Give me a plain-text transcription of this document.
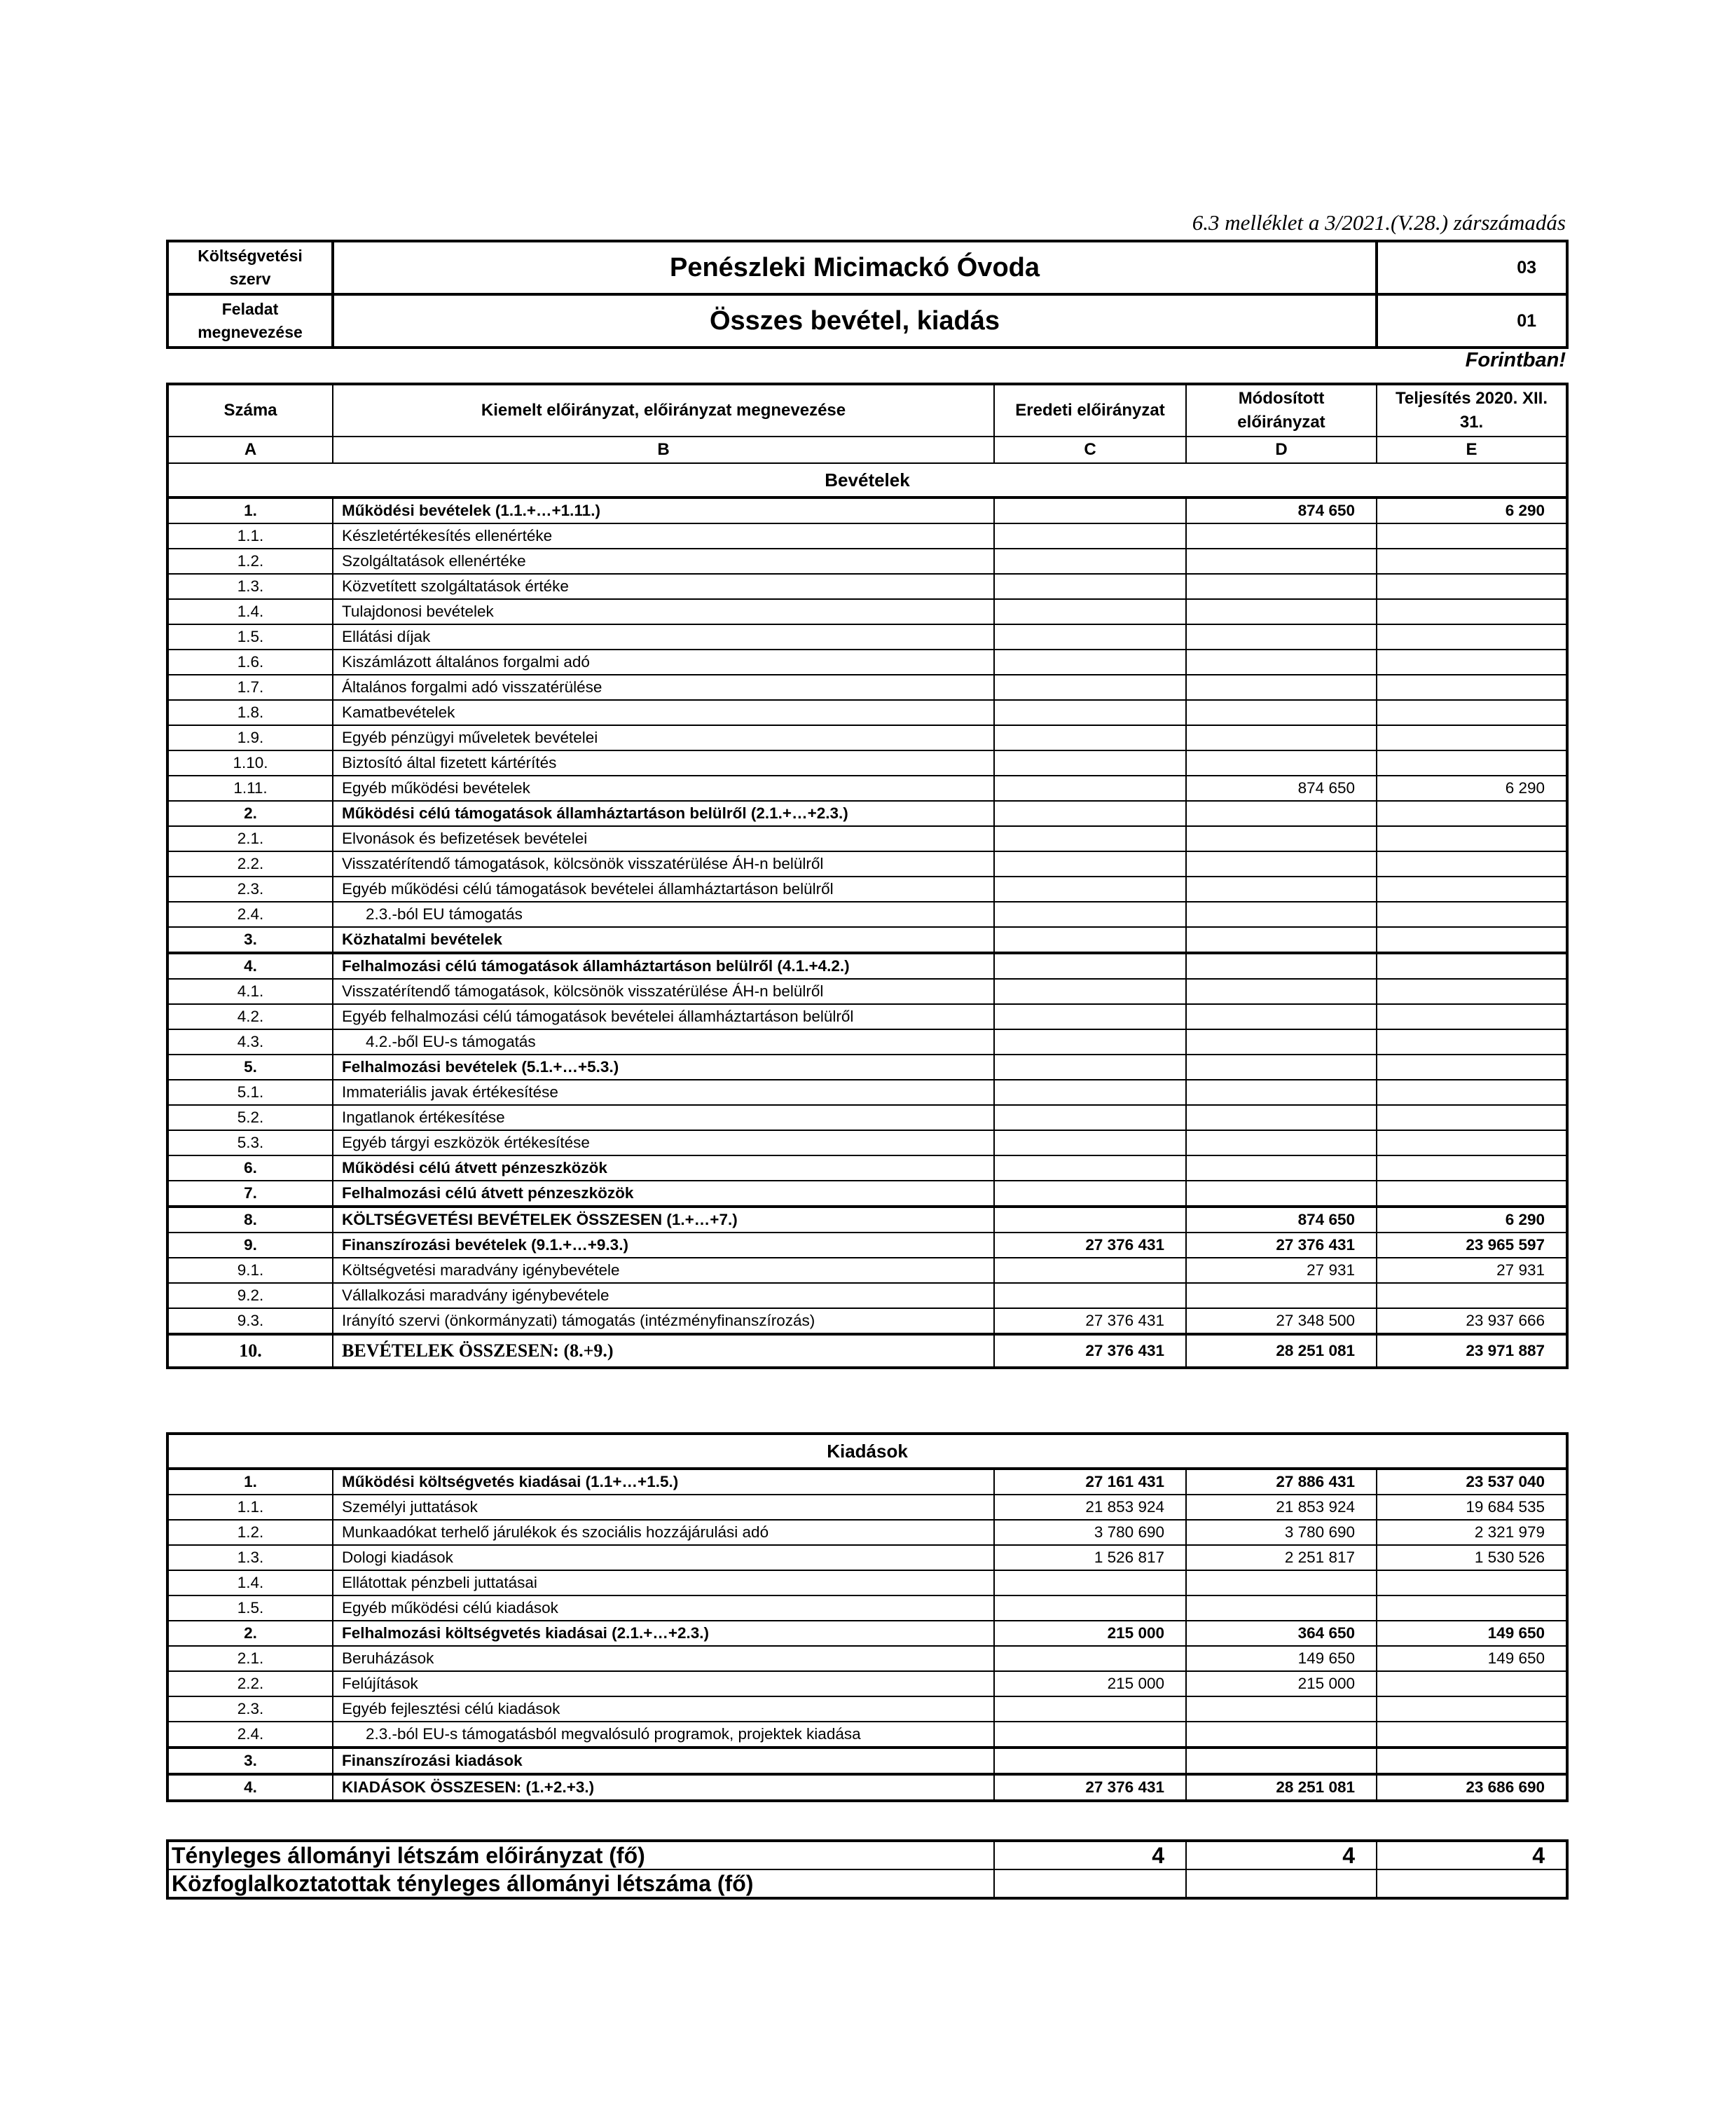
6.3 melléklet a 3/2021.(V.28.) zárszámadás
Költségvetési szerv	Penészleki Micimackó Óvoda	03
Feladat megnevezése	Összes bevétel, kiadás	01
Forintban!
Száma	Kiemelt előirányzat, előirányzat megnevezése	Eredeti előirányzat	Módosított előirányzat	Teljesítés 2020. XII. 31.
A	B	C	D	E
Bevételek				
1.	Működési bevételek (1.1.+…+1.11.)		874 650	6 290
1.1.	Készletértékesítés ellenértéke			
1.2.	Szolgáltatások ellenértéke			
1.3.	Közvetített szolgáltatások értéke			
1.4.	Tulajdonosi bevételek			
1.5.	Ellátási díjak			
1.6.	Kiszámlázott általános forgalmi adó			
1.7.	Általános forgalmi adó visszatérülése			
1.8.	Kamatbevételek			
1.9.	Egyéb pénzügyi műveletek bevételei			
1.10.	Biztosító által fizetett kártérítés			
1.11.	Egyéb működési bevételek		874 650	6 290
2.	Működési célú támogatások államháztartáson belülről (2.1.+…+2.3.)			
2.1.	Elvonások és befizetések bevételei			
2.2.	Visszatérítendő támogatások, kölcsönök visszatérülése ÁH-n belülről			
2.3.	Egyéb működési célú támogatások bevételei államháztartáson belülről			
2.4.	2.3.-ból EU támogatás			
3.	Közhatalmi bevételek			
4.	Felhalmozási célú támogatások államháztartáson belülről (4.1.+4.2.)			
4.1.	Visszatérítendő támogatások, kölcsönök visszatérülése ÁH-n belülről			
4.2.	Egyéb felhalmozási célú támogatások bevételei államháztartáson belülről			
4.3.	4.2.-ből EU-s támogatás			
5.	Felhalmozási bevételek (5.1.+…+5.3.)			
5.1.	Immateriális javak értékesítése			
5.2.	Ingatlanok értékesítése			
5.3.	Egyéb tárgyi eszközök értékesítése			
6.	Működési célú átvett pénzeszközök			
7.	Felhalmozási célú átvett pénzeszközök			
8.	KÖLTSÉGVETÉSI BEVÉTELEK ÖSSZESEN (1.+…+7.)		874 650	6 290
9.	Finanszírozási bevételek (9.1.+…+9.3.)	27 376 431	27 376 431	23 965 597
9.1.	Költségvetési maradvány igénybevétele		27 931	27 931
9.2.	Vállalkozási maradvány igénybevétele			
9.3.	Irányító szervi (önkormányzati) támogatás (intézményfinanszírozás)	27 376 431	27 348 500	23 937 666
10.	BEVÉTELEK ÖSSZESEN: (8.+9.)	27 376 431	28 251 081	23 971 887
Kiadások				
1.	Működési költségvetés kiadásai (1.1+…+1.5.)	27 161 431	27 886 431	23 537 040
1.1.	Személyi juttatások	21 853 924	21 853 924	19 684 535
1.2.	Munkaadókat terhelő járulékok és szociális hozzájárulási adó	3 780 690	3 780 690	2 321 979
1.3.	Dologi kiadások	1 526 817	2 251 817	1 530 526
1.4.	Ellátottak pénzbeli juttatásai			
1.5.	Egyéb működési célú kiadások			
2.	Felhalmozási költségvetés kiadásai (2.1.+…+2.3.)	215 000	364 650	149 650
2.1.	Beruházások		149 650	149 650
2.2.	Felújítások	215 000	215 000	
2.3.	Egyéb fejlesztési célú kiadások			
2.4.	2.3.-ból EU-s támogatásból megvalósuló programok, projektek kiadása			
3.	Finanszírozási kiadások			
4.	KIADÁSOK ÖSSZESEN: (1.+2.+3.)	27 376 431	28 251 081	23 686 690
Tényleges állományi létszám előirányzat (fő)	4	4	4
Közfoglalkoztatottak tényleges állományi létszáma (fő)			
